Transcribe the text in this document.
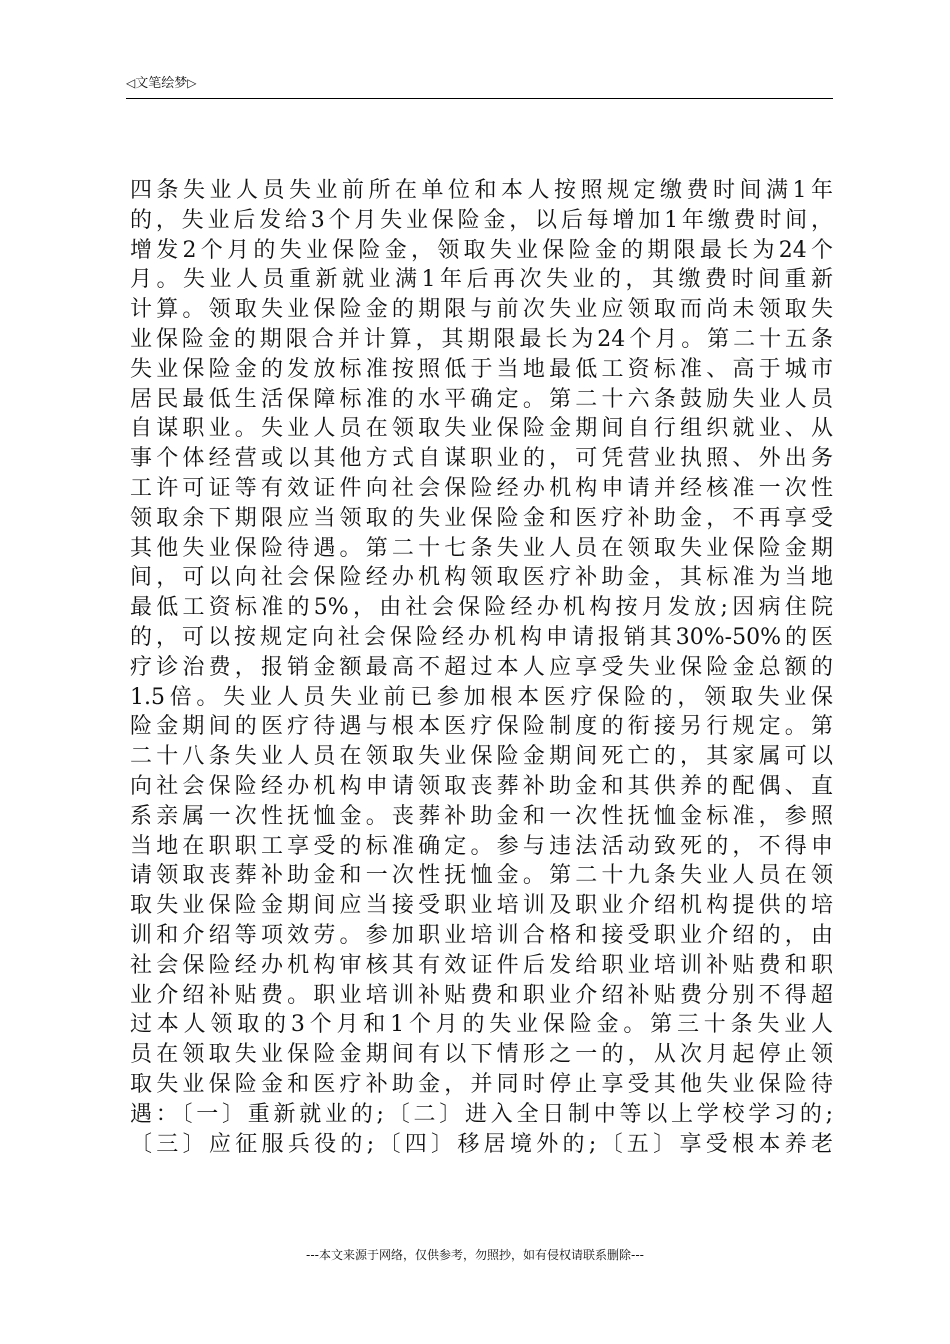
◁文笔绘梦▷
四条失业人员失业前所在单位和本人按照规定缴费时间满1年
的，失业后发给3个月失业保险金，以后每增加1年缴费时间，
增发2个月的失业保险金，领取失业保险金的期限最长为24个
月。失业人员重新就业满1年后再次失业的，其缴费时间重新
计算。领取失业保险金的期限与前次失业应领取而尚未领取失
业保险金的期限合并计算，其期限最长为24个月。第二十五条
失业保险金的发放标准按照低于当地最低工资标准、高于城市
居民最低生活保障标准的水平确定。第二十六条鼓励失业人员
自谋职业。失业人员在领取失业保险金期间自行组织就业、从
事个体经营或以其他方式自谋职业的，可凭营业执照、外出务
工许可证等有效证件向社会保险经办机构申请并经核准一次性
领取余下期限应当领取的失业保险金和医疗补助金，不再享受
其他失业保险待遇。第二十七条失业人员在领取失业保险金期
间，可以向社会保险经办机构领取医疗补助金，其标准为当地
最低工资标准的5%，由社会保险经办机构按月发放;因病住院
的，可以按规定向社会保险经办机构申请报销其30%-50%的医
疗诊治费，报销金额最高不超过本人应享受失业保险金总额的
1.5倍。失业人员失业前已参加根本医疗保险的，领取失业保
险金期间的医疗待遇与根本医疗保险制度的衔接另行规定。第
二十八条失业人员在领取失业保险金期间死亡的，其家属可以
向社会保险经办机构申请领取丧葬补助金和其供养的配偶、直
系亲属一次性抚恤金。丧葬补助金和一次性抚恤金标准，参照
当地在职职工享受的标准确定。参与违法活动致死的，不得申
请领取丧葬补助金和一次性抚恤金。第二十九条失业人员在领
取失业保险金期间应当接受职业培训及职业介绍机构提供的培
训和介绍等项效劳。参加职业培训合格和接受职业介绍的，由
社会保险经办机构审核其有效证件后发给职业培训补贴费和职
业介绍补贴费。职业培训补贴费和职业介绍补贴费分别不得超
过本人领取的3个月和1个月的失业保险金。第三十条失业人
员在领取失业保险金期间有以下情形之一的，从次月起停止领
取失业保险金和医疗补助金，并同时停止享受其他失业保险待
遇：〔一〕重新就业的;〔二〕进入全日制中等以上学校学习的;
〔三〕应征服兵役的;〔四〕移居境外的;〔五〕享受根本养老
---本文来源于网络，仅供参考，勿照抄，如有侵权请联系删除---
